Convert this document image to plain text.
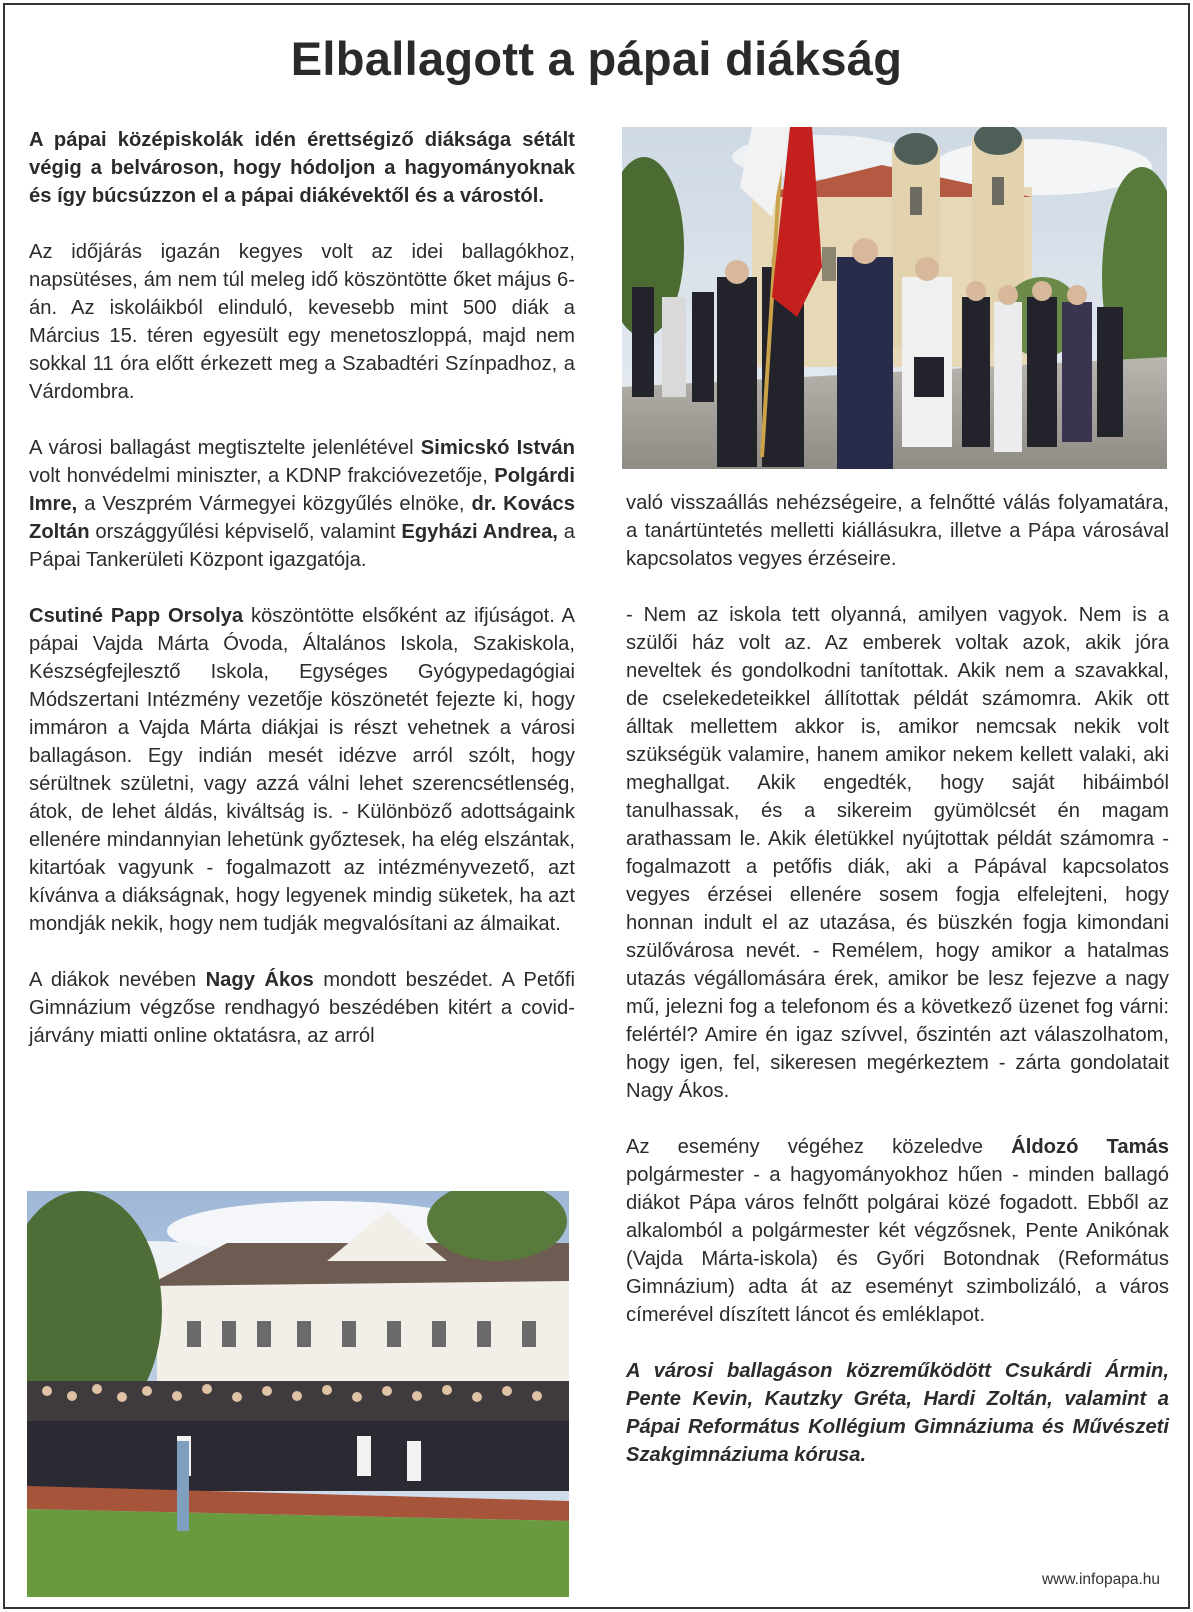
Elballagott a pápai diákság

A pápai középiskolák idén érettségiző diáksága sétált végig a belvároson, hogy hódoljon a hagyományoknak és így búcsúzzon el a pápai diákévektől és a várostól.

Az időjárás igazán kegyes volt az idei ballagókhoz, napsütéses, ám nem túl meleg idő köszöntötte őket május 6-án. Az iskoláikból elinduló, kevesebb mint 500 diák a Március 15. téren egyesült egy menetoszloppá, majd nem sokkal 11 óra előtt érkezett meg a Szabadtéri Színpadhoz, a Várdombra.

A városi ballagást megtisztelte jelenlétével Simicskó István volt honvédelmi miniszter, a KDNP frakcióvezetője, Polgárdi Imre, a Veszprém Vármegyei közgyűlés elnöke, dr. Kovács Zoltán országgyűlési képviselő, valamint Egyházi Andrea, a Pápai Tankerületi Központ igazgatója.

Csutiné Papp Orsolya köszöntötte elsőként az ifjúságot. A pápai Vajda Márta Óvoda, Általános Iskola, Szakiskola, Készségfejlesztő Iskola, Egységes Gyógypedagógiai Módszertani Intézmény vezetője köszönetét fejezte ki, hogy immáron a Vajda Márta diákjai is részt vehetnek a városi ballagáson. Egy indián mesét idézve arról szólt, hogy sérültnek születni, vagy azzá válni lehet szerencsétlenség, átok, de lehet áldás, kiváltság is. - Különböző adottságaink ellenére mindannyian lehetünk győztesek, ha elég elszántak, kitartóak vagyunk - fogalmazott az intézményvezető, azt kívánva a diákságnak, hogy legyenek mindig süketek, ha azt mondják nekik, hogy nem tudják megvalósítani az álmaikat.

A diákok nevében Nagy Ákos mondott beszédet. A Petőfi Gimnázium végzőse rendhagyó beszédében kitért a covid-járvány miatti online oktatásra, az arról

való visszaállás nehézségeire, a felnőtté válás folyamatára, a tanártüntetés melletti kiállásukra, illetve a Pápa városával kapcsolatos vegyes érzéseire.

- Nem az iskola tett olyanná, amilyen vagyok. Nem is a szülői ház volt az. Az emberek voltak azok, akik jóra neveltek és gondolkodni tanítottak. Akik nem a szavakkal, de cselekedeteikkel állítottak példát számomra. Akik ott álltak mellettem akkor is, amikor nemcsak nekik volt szükségük valamire, hanem amikor nekem kellett valaki, aki meghallgat. Akik engedték, hogy saját hibáimból tanulhassak, és a sikereim gyümölcsét én magam arathassam le. Akik életükkel nyújtottak példát számomra - fogalmazott a petőfis diák, aki a Pápával kapcsolatos vegyes érzései ellenére sosem fogja elfelejteni, hogy honnan indult el az utazása, és büszkén fogja kimondani szülővárosa nevét. - Remélem, hogy amikor a hatalmas utazás végállomására érek, amikor be lesz fejezve a nagy mű, jelezni fog a telefonom és a következő üzenet fog várni: felértél? Amire én igaz szívvel, őszintén azt válaszolhatom, hogy igen, fel, sikeresen megérkeztem - zárta gondolatait Nagy Ákos.

Az esemény végéhez közeledve Áldozó Tamás polgármester - a hagyományokhoz hűen - minden ballagó diákot Pápa város felnőtt polgárai közé fogadott. Ebből az alkalomból a polgármester két végzősnek, Pente Anikónak (Vajda Márta-iskola) és Győri Botondnak (Református Gimnázium) adta át az eseményt szimbolizáló, a város címerével díszített láncot és emléklapot.

A városi ballagáson közreműködött Csukárdi Ármin, Pente Kevin, Kautzky Gréta, Hardi Zoltán, valamint a Pápai Református Kollégium Gimnáziuma és Művészeti Szakgimnáziuma kórusa.

www.infopapa.hu
